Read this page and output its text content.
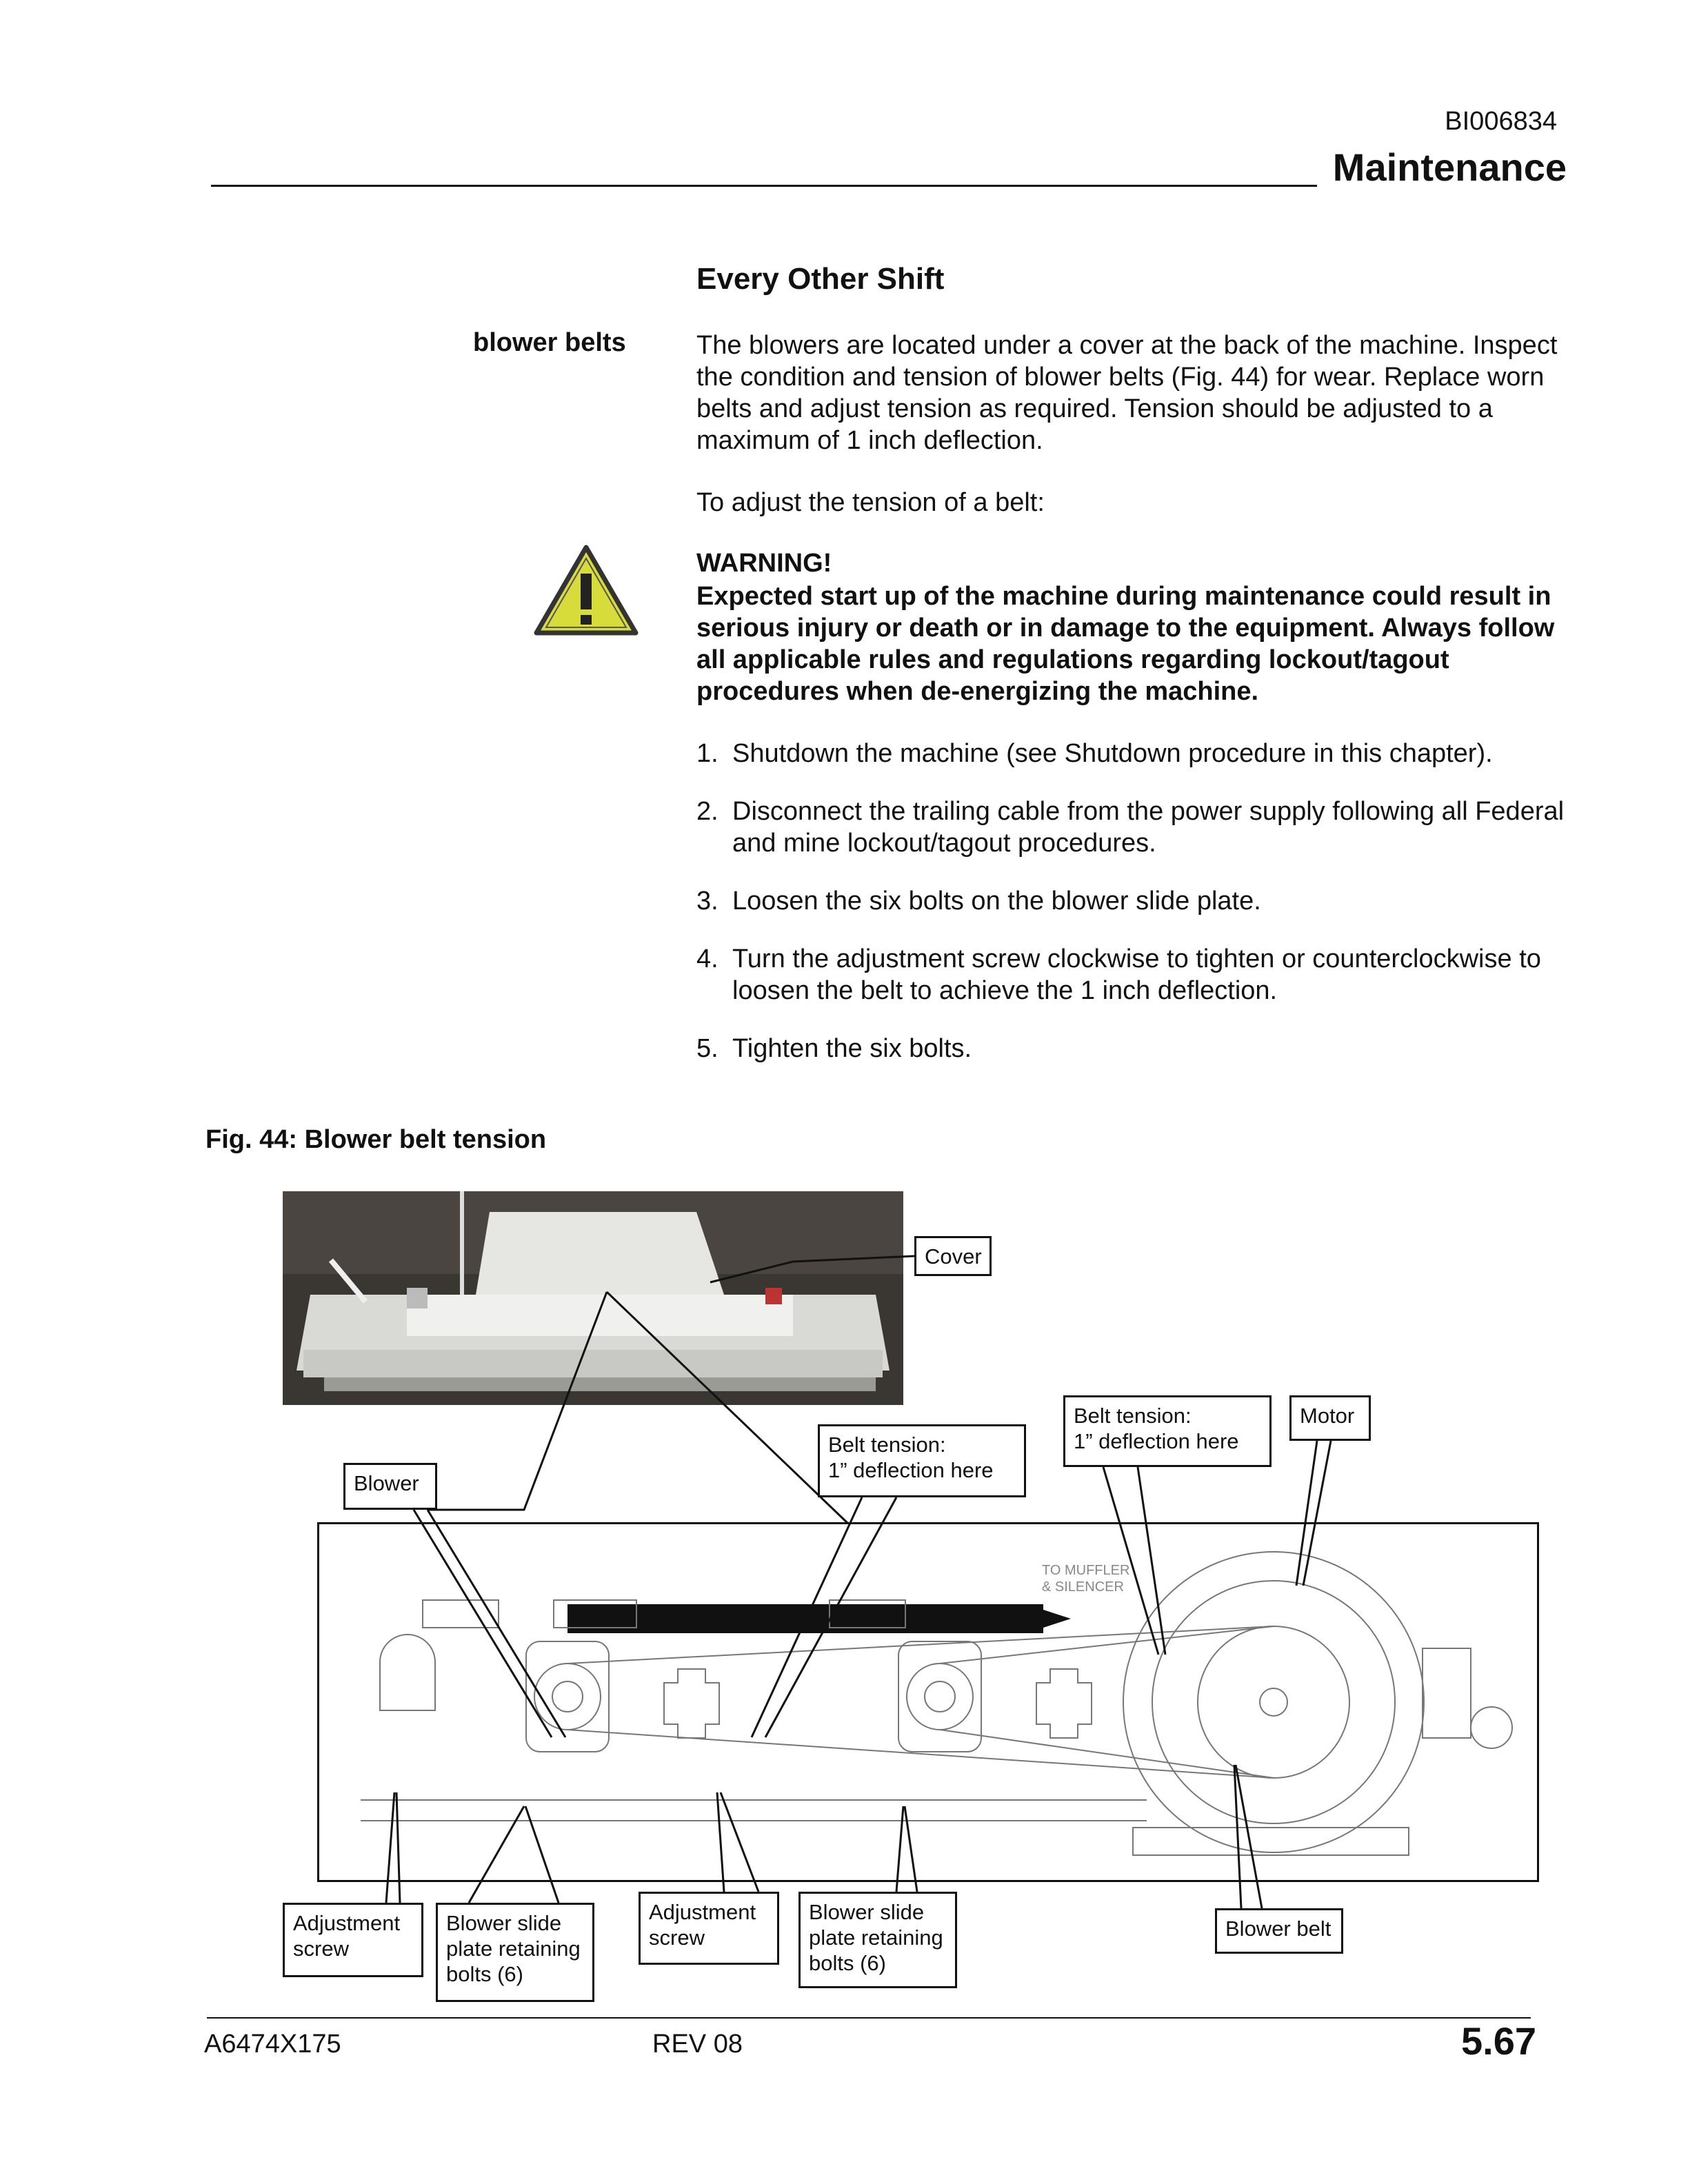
BI006834
Maintenance
Every Other Shift
blower belts	The blowers are located under a cover at the back of the machine. Inspect the condition and tension of blower belts (Fig. 44) for wear. Replace worn belts and adjust tension as required. Tension should be adjusted to a maximum of 1 inch deflection.
To adjust the tension of a belt:
WARNING!
Expected start up of the machine during maintenance could result in serious injury or death or in damage to the equipment. Always follow all applicable rules and regulations regarding lockout/tagout procedures when de-energizing the machine.
1. Shutdown the machine (see Shutdown procedure in this chapter).
2. Disconnect the trailing cable from the power supply following all Federal and mine lockout/tagout procedures.
3. Loosen the six bolts on the blower slide plate.
4. Turn the adjustment screw clockwise to tighten or counterclockwise to loosen the belt to achieve the 1 inch deflection.
5. Tighten the six bolts.
Fig. 44: Blower belt tension
TO MUFFLER
& SILENCER
Cover
Blower
Belt tension:
1” deflection here
Belt tension:
1” deflection here
Motor
Adjustment
screw
Blower slide
plate retaining
bolts (6)
Adjustment
screw
Blower slide
plate retaining
bolts (6)
Blower belt
A6474X175	REV 08	5.67
